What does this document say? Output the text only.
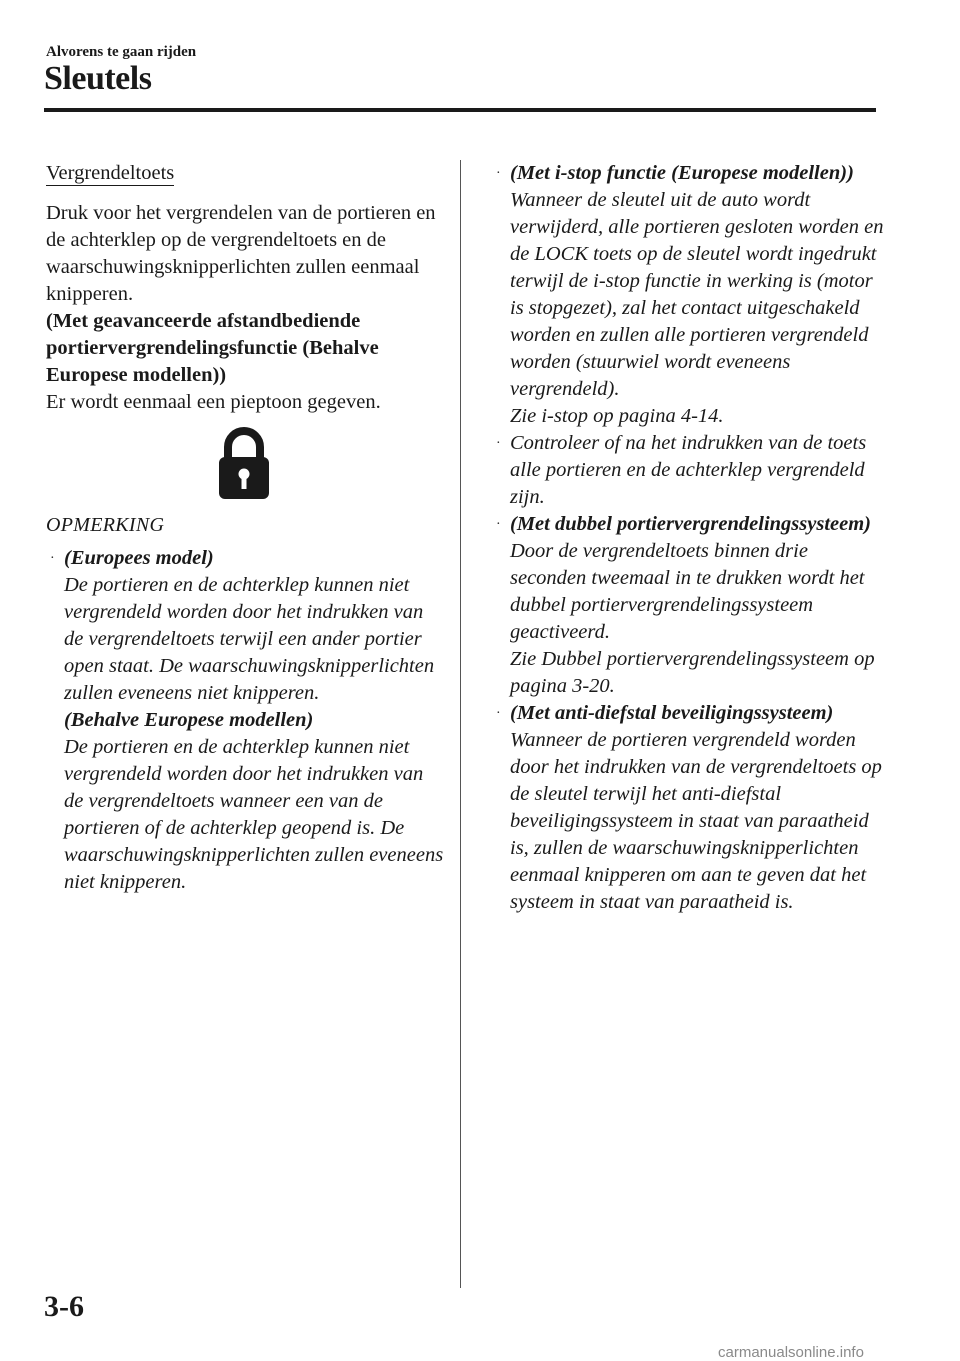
Alvorens te gaan rijden
Sleutels
Vergrendeltoets

Druk voor het vergrendelen van de portieren en de achterklep op de vergrendeltoets en de waarschuwingsknipperlichten zullen eenmaal knipperen.

(Met geavanceerde afstandbediende portiervergrendelingsfunctie (Behalve Europese modellen))

Er wordt eenmaal een pieptoon gegeven.

OPMERKING
· (Europees model)
De portieren en de achterklep kunnen niet vergrendeld worden door het indrukken van de vergrendeltoets terwijl een ander portier open staat. De waarschuwingsknipperlichten zullen eveneens niet knipperen.
(Behalve Europese modellen)
De portieren en de achterklep kunnen niet vergrendeld worden door het indrukken van de vergrendeltoets wanneer een van de portieren of de achterklep geopend is. De waarschuwingsknipperlichten zullen eveneens niet knipperen.
· (Met i-stop functie (Europese modellen))
Wanneer de sleutel uit de auto wordt verwijderd, alle portieren gesloten worden en de LOCK toets op de sleutel wordt ingedrukt terwijl de i-stop functie in werking is (motor is stopgezet), zal het contact uitgeschakeld worden en zullen alle portieren vergrendeld worden (stuurwiel wordt eveneens vergrendeld).
Zie i-stop op pagina 4-14.
· Controleer of na het indrukken van de toets alle portieren en de achterklep vergrendeld zijn.
· (Met dubbel portiervergrendelingssysteem)
Door de vergrendeltoets binnen drie seconden tweemaal in te drukken wordt het dubbel portiervergrendelingssysteem geactiveerd.
Zie Dubbel portiervergrendelingssysteem op pagina 3-20.
· (Met anti-diefstal beveiligingssysteem)
Wanneer de portieren vergrendeld worden door het indrukken van de vergrendeltoets op de sleutel terwijl het anti-diefstal beveiligingssysteem in staat van paraatheid is, zullen de waarschuwingsknipperlichten eenmaal knipperen om aan te geven dat het systeem in staat van paraatheid is.
3-6
carmanualsonline.info
